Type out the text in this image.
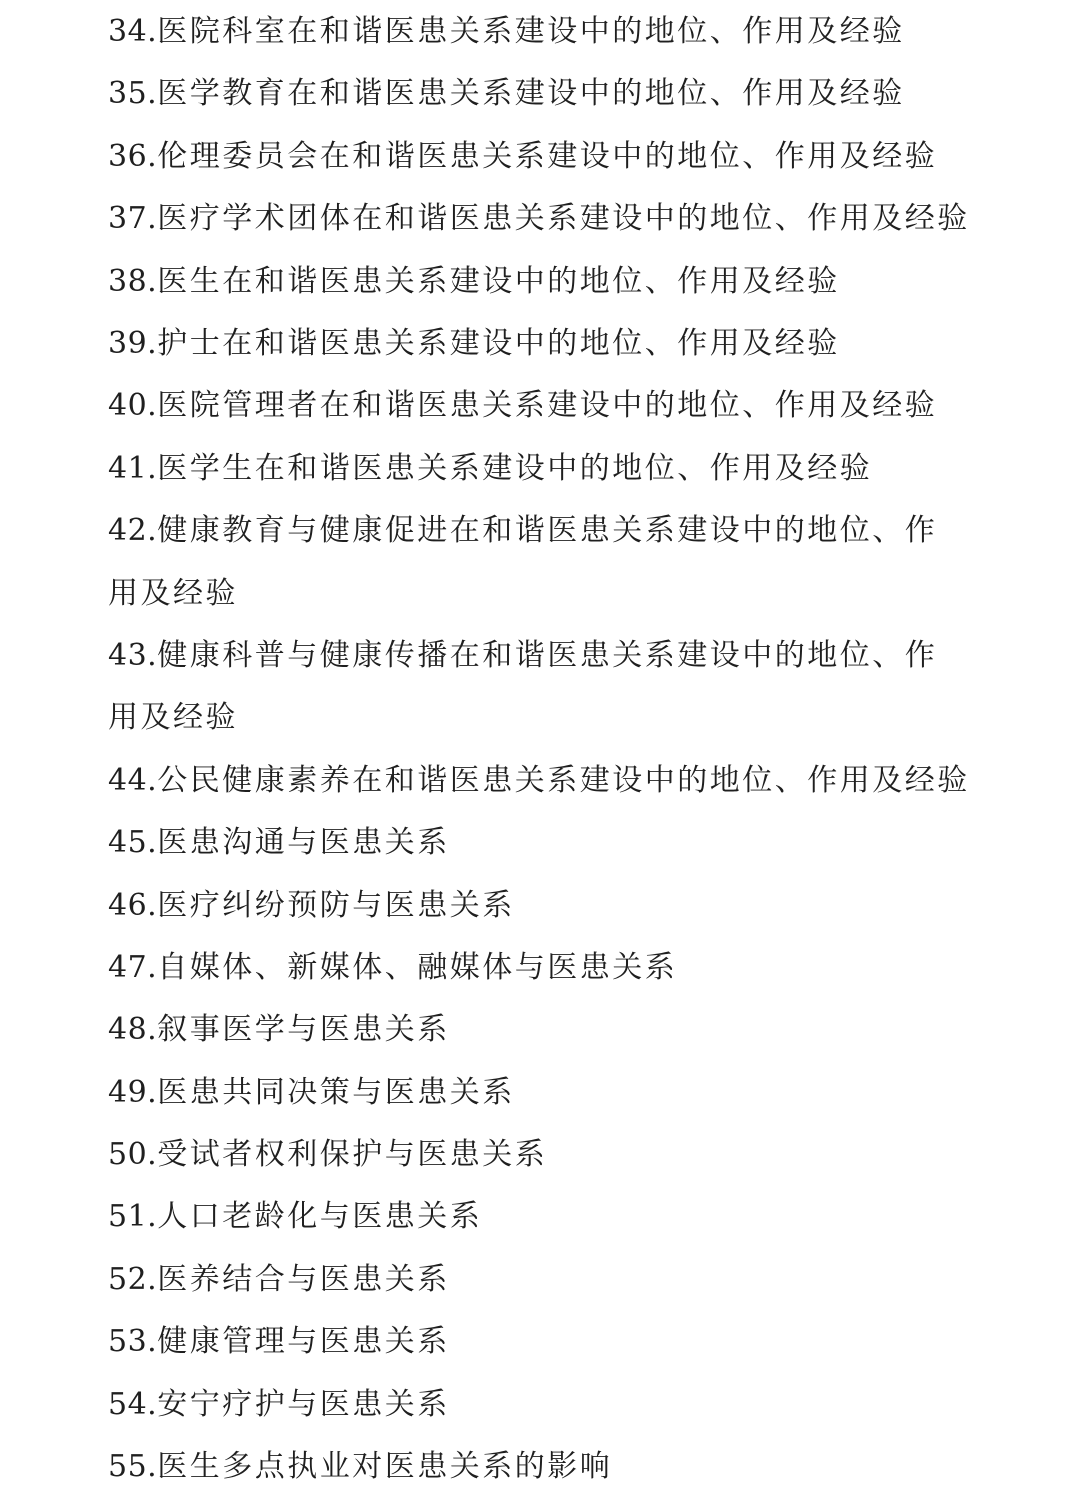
34.医院科室在和谐医患关系建设中的地位、作用及经验
35.医学教育在和谐医患关系建设中的地位、作用及经验
36.伦理委员会在和谐医患关系建设中的地位、作用及经验
37.医疗学术团体在和谐医患关系建设中的地位、作用及经验
38.医生在和谐医患关系建设中的地位、作用及经验
39.护士在和谐医患关系建设中的地位、作用及经验
40.医院管理者在和谐医患关系建设中的地位、作用及经验
41.医学生在和谐医患关系建设中的地位、作用及经验
42.健康教育与健康促进在和谐医患关系建设中的地位、作用及经验
43.健康科普与健康传播在和谐医患关系建设中的地位、作用及经验
44.公民健康素养在和谐医患关系建设中的地位、作用及经验
45.医患沟通与医患关系
46.医疗纠纷预防与医患关系
47.自媒体、新媒体、融媒体与医患关系
48.叙事医学与医患关系
49.医患共同决策与医患关系
50.受试者权利保护与医患关系
51.人口老龄化与医患关系
52.医养结合与医患关系
53.健康管理与医患关系
54.安宁疗护与医患关系
55.医生多点执业对医患关系的影响
